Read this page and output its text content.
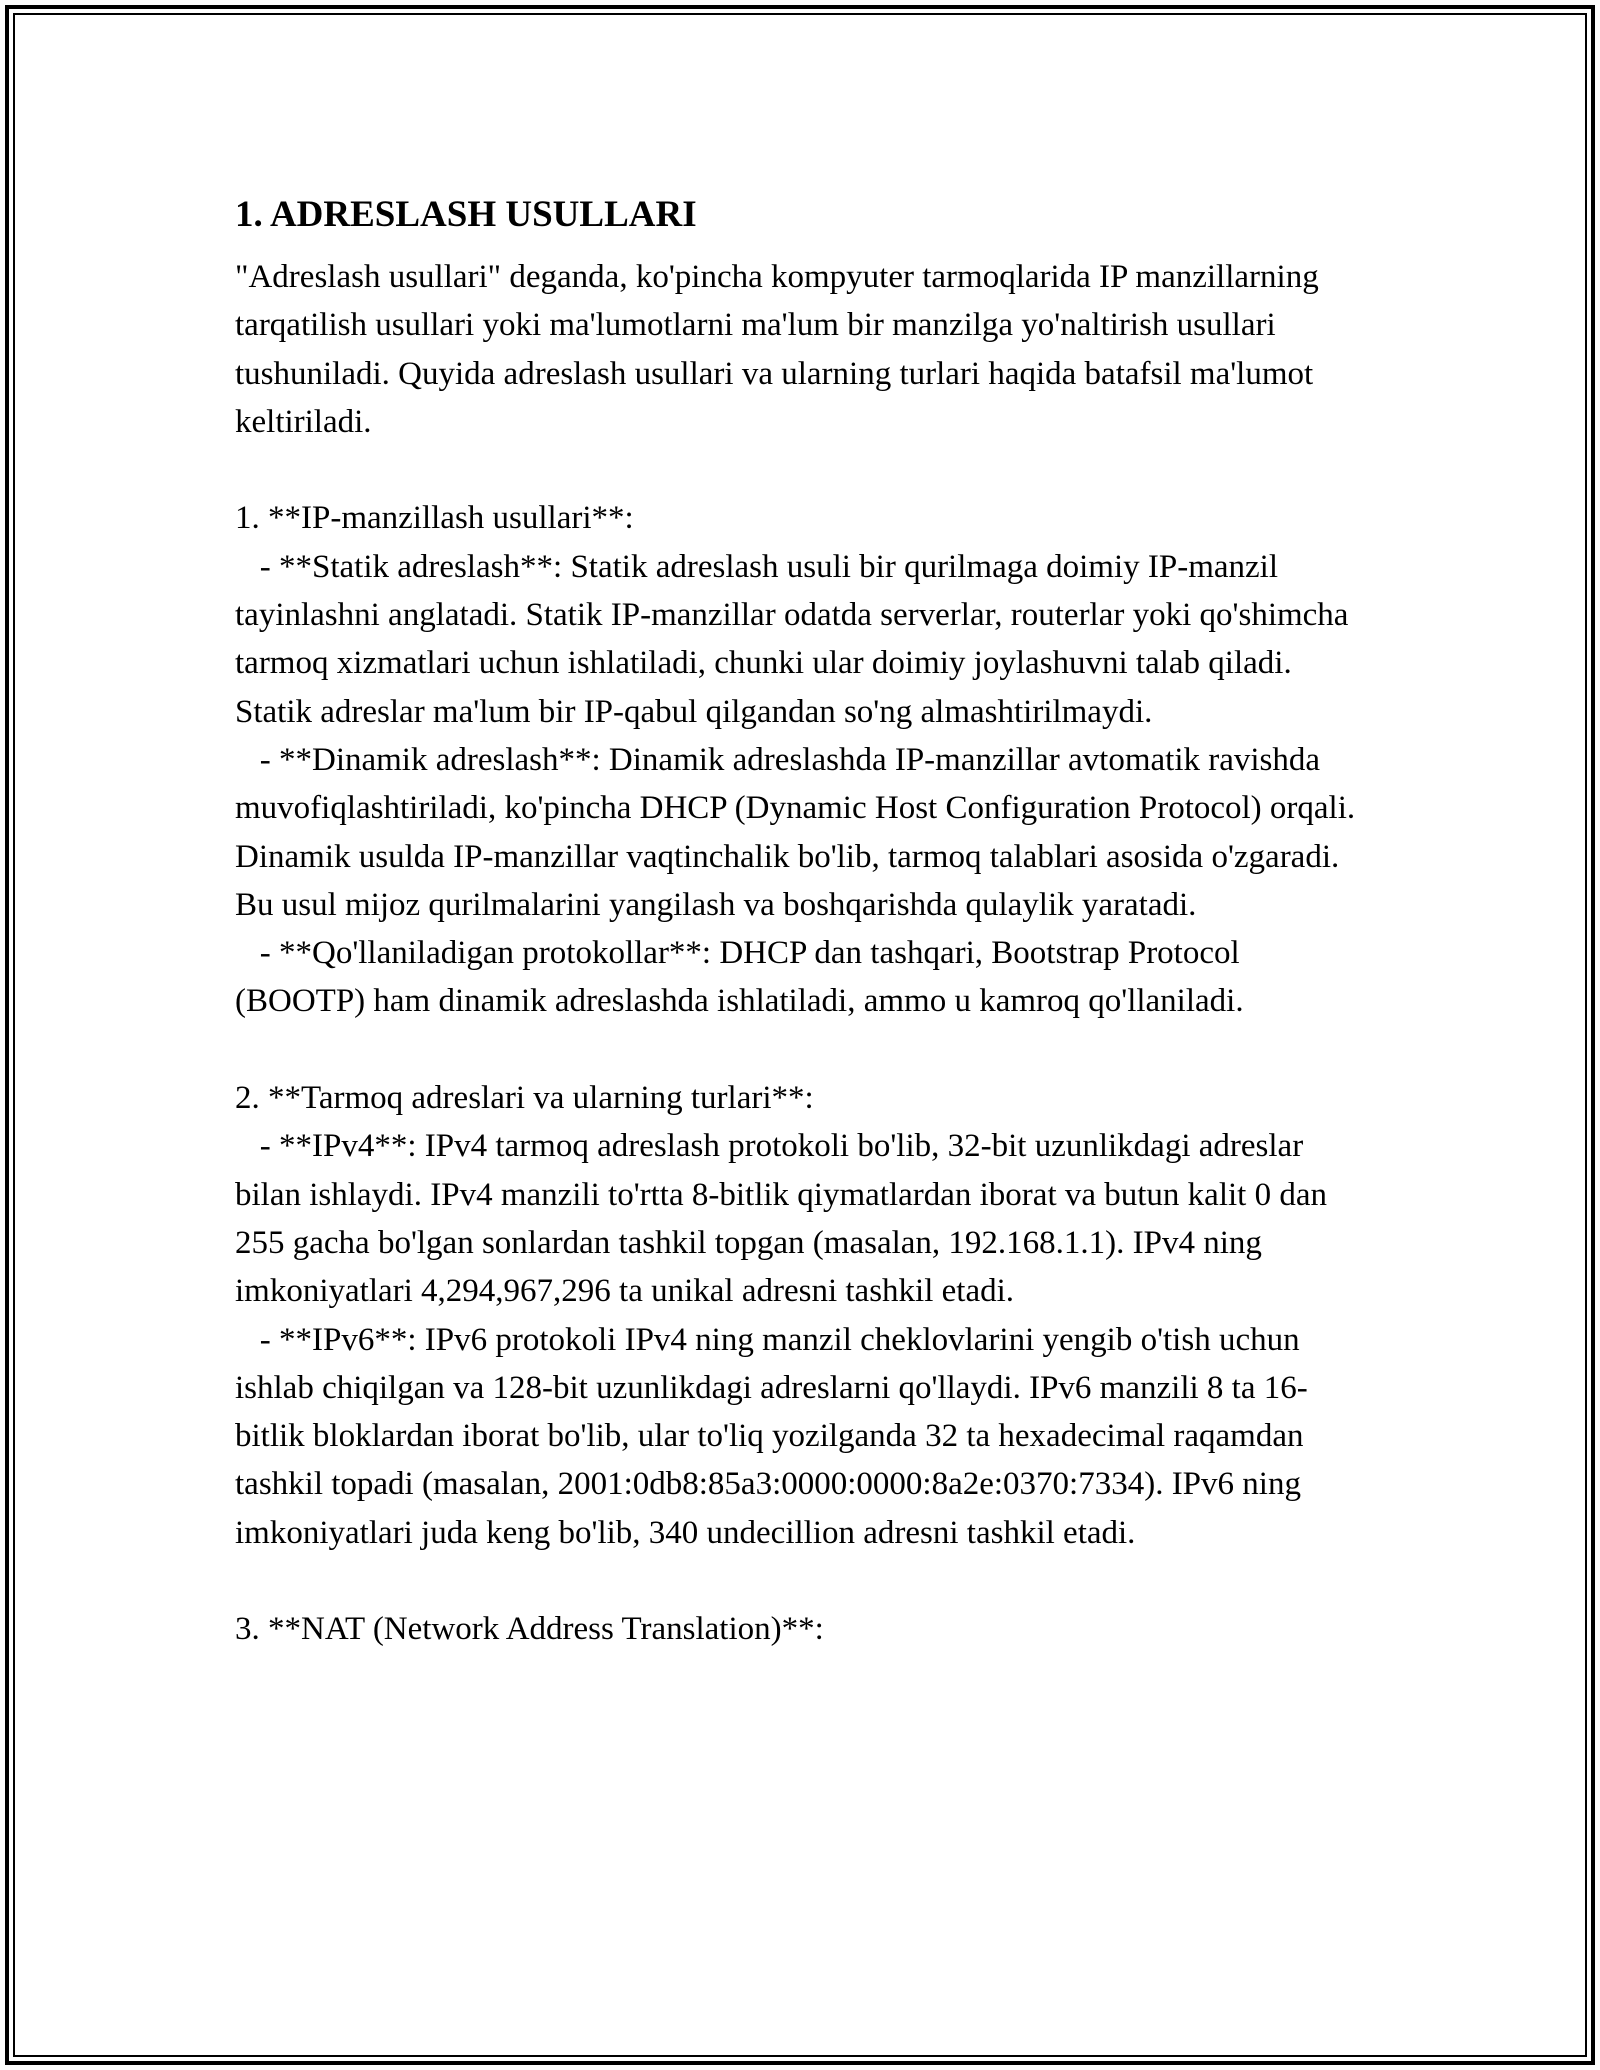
1. ADRESLASH USULLARI

"Adreslash usullari" deganda, ko'pincha kompyuter tarmoqlarida IP manzillarning tarqatilish usullari yoki ma'lumotlarni ma'lum bir manzilga yo'naltirish usullari tushuniladi. Quyida adreslash usullari va ularning turlari haqida batafsil ma'lumot keltiriladi.

1. **IP-manzillash usullari**:

- **Statik adreslash**: Statik adreslash usuli bir qurilmaga doimiy IP-manzil tayinlashni anglatadi. Statik IP-manzillar odatda serverlar, routerlar yoki qo'shimcha tarmoq xizmatlari uchun ishlatiladi, chunki ular doimiy joylashuvni talab qiladi. Statik adreslar ma'lum bir IP-qabul qilgandan so'ng almashtirilmaydi.

- **Dinamik adreslash**: Dinamik adreslashda IP-manzillar avtomatik ravishda muvofiqlashtiriladi, ko'pincha DHCP (Dynamic Host Configuration Protocol) orqali. Dinamik usulda IP-manzillar vaqtinchalik bo'lib, tarmoq talablari asosida o'zgaradi. Bu usul mijoz qurilmalarini yangilash va boshqarishda qulaylik yaratadi.

- **Qo'llaniladigan protokollar**: DHCP dan tashqari, Bootstrap Protocol (BOOTP) ham dinamik adreslashda ishlatiladi, ammo u kamroq qo'llaniladi.

2. **Tarmoq adreslari va ularning turlari**:

- **IPv4**: IPv4 tarmoq adreslash protokoli bo'lib, 32-bit uzunlikdagi adreslar bilan ishlaydi. IPv4 manzili to'rtta 8-bitlik qiymatlardan iborat va butun kalit 0 dan 255 gacha bo'lgan sonlardan tashkil topgan (masalan, 192.168.1.1). IPv4 ning imkoniyatlari 4,294,967,296 ta unikal adresni tashkil etadi.

- **IPv6**: IPv6 protokoli IPv4 ning manzil cheklovlarini yengib o'tish uchun ishlab chiqilgan va 128-bit uzunlikdagi adreslarni qo'llaydi. IPv6 manzili 8 ta 16-bitlik bloklardan iborat bo'lib, ular to'liq yozilganda 32 ta hexadecimal raqamdan tashkil topadi (masalan, 2001:0db8:85a3:0000:0000:8a2e:0370:7334). IPv6 ning imkoniyatlari juda keng bo'lib, 340 undecillion adresni tashkil etadi.

3. **NAT (Network Address Translation)**:
